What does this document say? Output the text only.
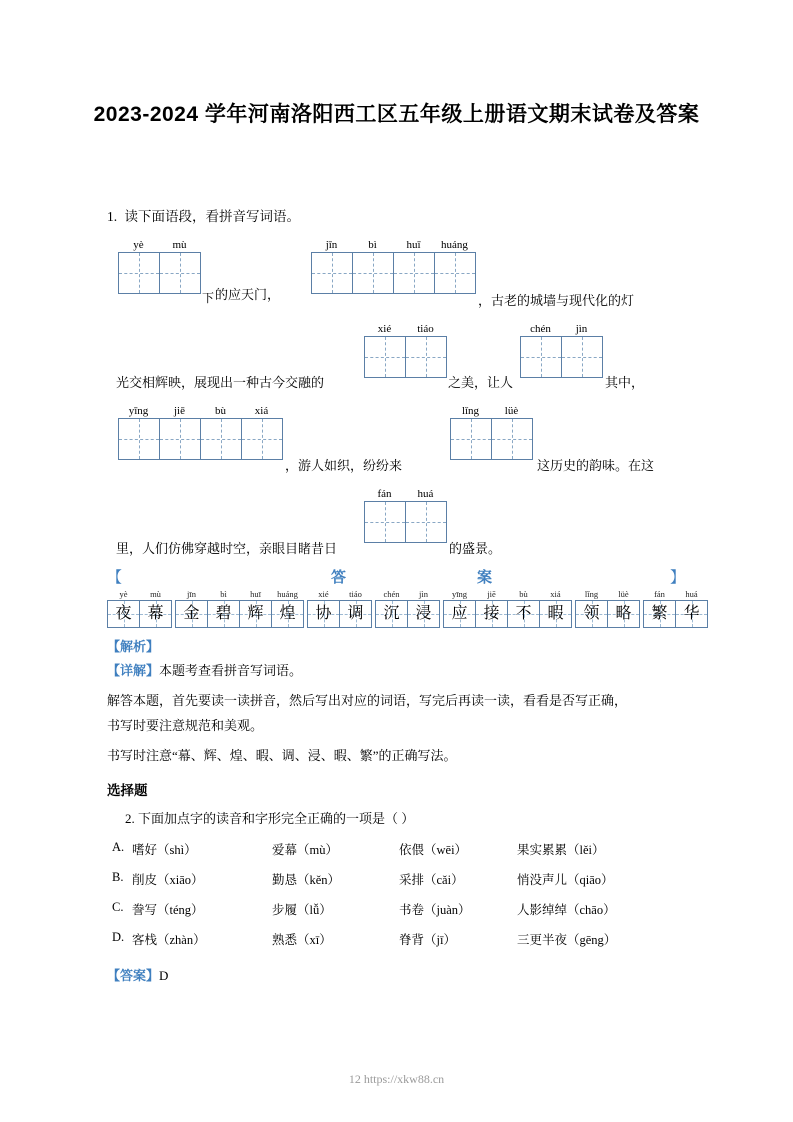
2023-2024 学年河南洛阳西工区五年级上册语文期末试卷及答案
1. 读下面语段，看拼音写词语。
yè	mù	jīn	bì	huī	huáng
下 的应天门，	，古老的城墙与现代化的灯
xié	tiáo	chén	jìn
光交相辉映，展现出一种古今交融的	之美，让人	其中，
yīng	jiē	bù	xiá	lǐng	lüè
，游人如织，纷纷来	这历史的韵味。在这
fán	huá
里，人们仿佛穿越时空，亲眼目睹昔日	的盛景。
【	答	案	】
yè	mù
夜 幕
jīn	bì	huī	huáng
金 碧 辉 煌
xié	tiáo
协 调
chén	jìn
沉 浸
yīng	jiē	bù	xiá
应 接 不 暇
lǐng	lüè
领 略
fán	huá
繁 华
【解析】
【详解】本题考查看拼音写词语。
解答本题，首先要读一读拼音，然后写出对应的词语，写完后再读一读，看看是否写正确，
书写时要注意规范和美观。
书写时注意“幕、辉、煌、暇、调、浸、暇、繁”的正确写法。
选择题
2. 下面加点字的读音和字形完全正确的一项是（ ）
A. 嗜好（shì）	爱幕（mù）	依偎（wēi）	果实累累（lěi）
B. 削皮（xiāo）	勤恳（kěn）	采排（cǎi）	悄没声儿（qiāo）
C. 誊写（téng）	步履（lǚ）	书卷（juàn）	人影绰绰（chāo）
D. 客栈（zhàn）	熟悉（xī）	脊背（jī）	三更半夜（gēng）
【答案】D
12 https://xkw88.cn
